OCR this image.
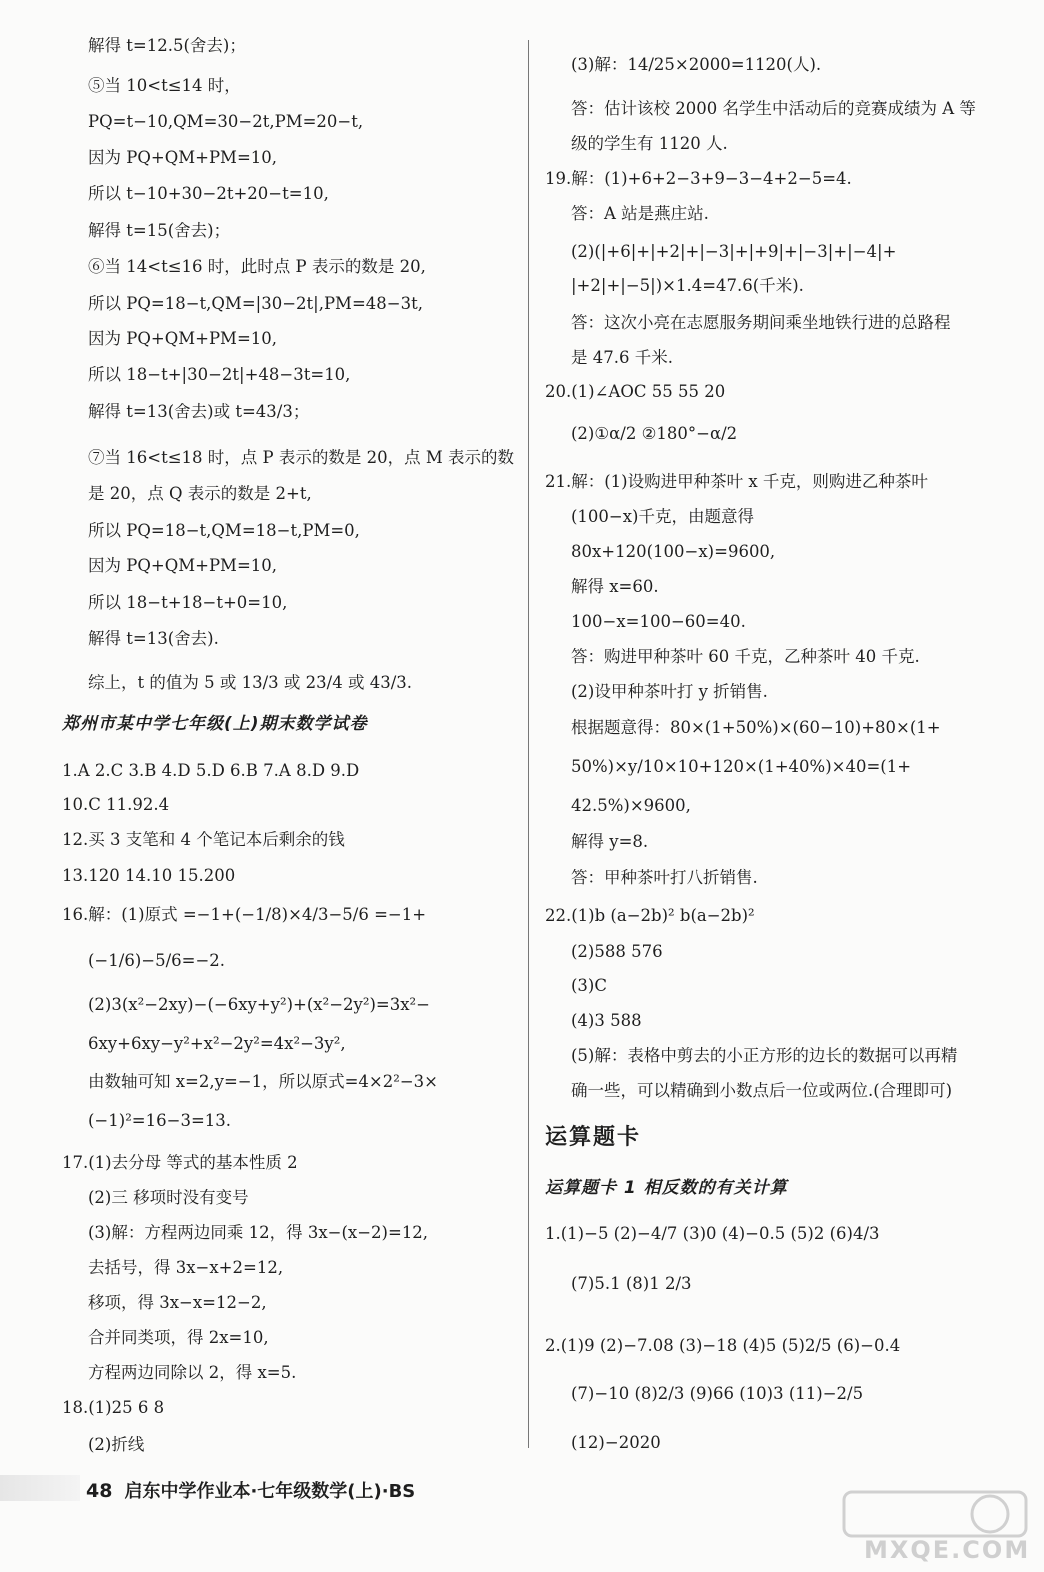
解得 t=12.5(舍去)；
⑤当 10<t≤14 时，
PQ=t−10,QM=30−2t,PM=20−t,
因为 PQ+QM+PM=10,
所以 t−10+30−2t+20−t=10,
解得 t=15(舍去)；
⑥当 14<t≤16 时，此时点 P 表示的数是 20,
所以 PQ=18−t,QM=|30−2t|,PM=48−3t,
因为 PQ+QM+PM=10,
所以 18−t+|30−2t|+48−3t=10,
解得 t=13(舍去)或 t=43/3；
⑦当 16<t≤18 时，点 P 表示的数是 20，点 M 表示的数
是 20，点 Q 表示的数是 2+t,
所以 PQ=18−t,QM=18−t,PM=0,
因为 PQ+QM+PM=10,
所以 18−t+18−t+0=10,
解得 t=13(舍去).
综上，t 的值为 5 或 13/3 或 23/4 或 43/3.
郑州市某中学七年级(上)期末数学试卷
1.A 2.C 3.B 4.D 5.D 6.B 7.A 8.D 9.D
10.C 11.92.4
12.买 3 支笔和 4 个笔记本后剩余的钱
13.120 14.10 15.200
16.解：(1)原式 =−1+(−1/8)×4/3−5/6 =−1+
(−1/6)−5/6=−2.
(2)3(x²−2xy)−(−6xy+y²)+(x²−2y²)=3x²−
6xy+6xy−y²+x²−2y²=4x²−3y²,
由数轴可知 x=2,y=−1，所以原式=4×2²−3×
(−1)²=16−3=13.
17.(1)去分母 等式的基本性质 2
(2)三 移项时没有变号
(3)解：方程两边同乘 12，得 3x−(x−2)=12,
去括号，得 3x−x+2=12,
移项，得 3x−x=12−2,
合并同类项，得 2x=10,
方程两边同除以 2，得 x=5.
18.(1)25 6 8
(2)折线
(3)解：14/25×2000=1120(人).
答：估计该校 2000 名学生中活动后的竞赛成绩为 A 等
级的学生有 1120 人.
19.解：(1)+6+2−3+9−3−4+2−5=4.
答：A 站是燕庄站.
(2)(|+6|+|+2|+|−3|+|+9|+|−3|+|−4|+
|+2|+|−5|)×1.4=47.6(千米).
答：这次小亮在志愿服务期间乘坐地铁行进的总路程
是 47.6 千米.
20.(1)∠AOC 55 55 20
(2)①α/2 ②180°−α/2
21.解：(1)设购进甲种茶叶 x 千克，则购进乙种茶叶
(100−x)千克，由题意得
80x+120(100−x)=9600,
解得 x=60.
100−x=100−60=40.
答：购进甲种茶叶 60 千克，乙种茶叶 40 千克.
(2)设甲种茶叶打 y 折销售.
根据题意得：80×(1+50%)×(60−10)+80×(1+
50%)×y/10×10+120×(1+40%)×40=(1+
42.5%)×9600,
解得 y=8.
答：甲种茶叶打八折销售.
22.(1)b (a−2b)² b(a−2b)²
(2)588 576
(3)C
(4)3 588
(5)解：表格中剪去的小正方形的边长的数据可以再精
确一些，可以精确到小数点后一位或两位.(合理即可)
运算题卡
运算题卡 1 相反数的有关计算
1.(1)−5 (2)−4/7 (3)0 (4)−0.5 (5)2 (6)4/3
(7)5.1 (8)1 2/3
2.(1)9 (2)−7.08 (3)−18 (4)5 (5)2/5 (6)−0.4
(7)−10 (8)2/3 (9)66 (10)3 (11)−2/5
(12)−2020
48 启东中学作业本·七年级数学(上)·BS
MXQE.COM
